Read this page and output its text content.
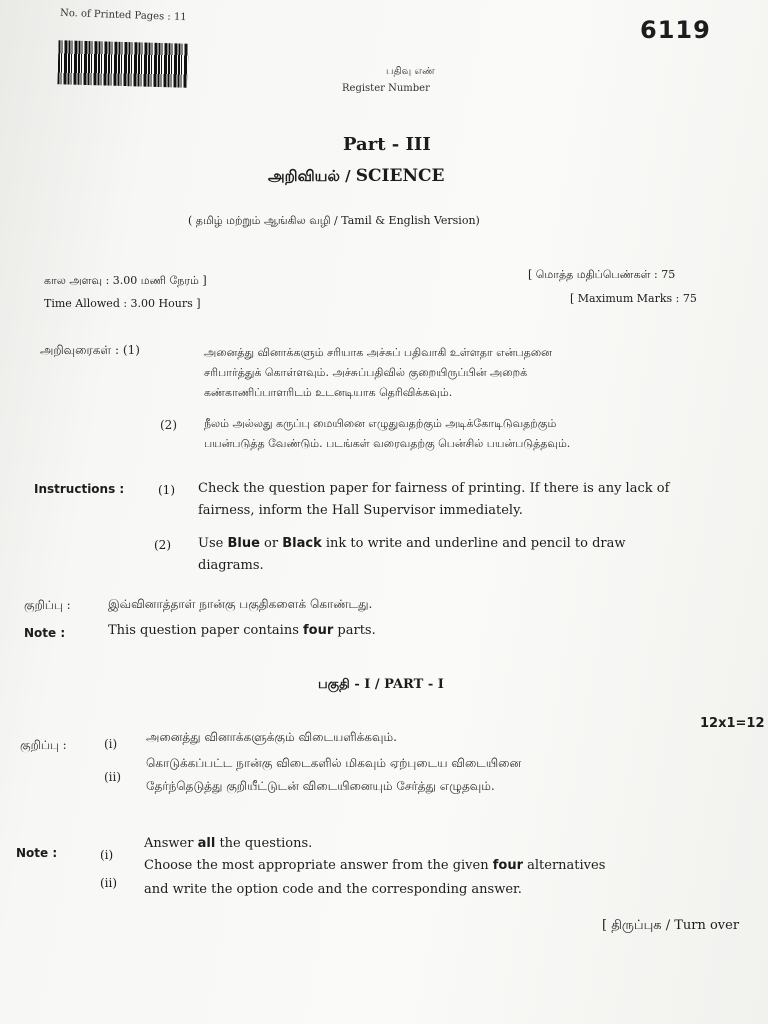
No. of Printed Pages : 11
6119
பதிவு எண்
Register Number
Part - III
அறிவியல் / SCIENCE
( தமிழ் மற்றும் ஆங்கில வழி / Tamil & English Version)
கால அளவு : 3.00 மணி நேரம் ]
Time Allowed : 3.00 Hours ]
[ மொத்த மதிப்பெண்கள் : 75
[ Maximum Marks : 75
அறிவுரைகள் : (1)	அனைத்து வினாக்களும் சரியாக அச்சுப் பதிவாகி உள்ளதா என்பதனை
சரிபார்த்துக் கொள்ளவும். அச்சுப்பதிவில் குறையிருப்பின் அறைக்
கண்காணிப்பாளரிடம் உடனடியாக தெரிவிக்கவும்.
(2) நீலம் அல்லது கருப்பு மையினை எழுதுவதற்கும் அடிக்கோடிடுவதற்கும்
பயன்படுத்த வேண்டும். படங்கள் வரைவதற்கு பென்சில் பயன்படுத்தவும்.
Instructions :	(1) Check the question paper for fairness of printing. If there is any lack of
fairness, inform the Hall Supervisor immediately.
(2) Use Blue or Black ink to write and underline and pencil to draw
diagrams.
குறிப்பு :	இவ்வினாத்தாள் நான்கு பகுதிகளைக் கொண்டது.
Note :	This question paper contains four parts.
பகுதி - I / PART - I
12x1=12
குறிப்பு :	(i) அனைத்து வினாக்களுக்கும் விடையளிக்கவும்.
(ii)
கொடுக்கப்பட்ட நான்கு விடைகளில் மிகவும் ஏற்புடைய விடையினை
தேர்ந்தெடுத்து குறியீட்டுடன் விடையினையும் சேர்த்து எழுதவும்.
Note :	(i)
Answer all the questions.
(ii)
Choose the most appropriate answer from the given four alternatives
and write the option code and the corresponding answer.
[ திருப்புக / Turn over
